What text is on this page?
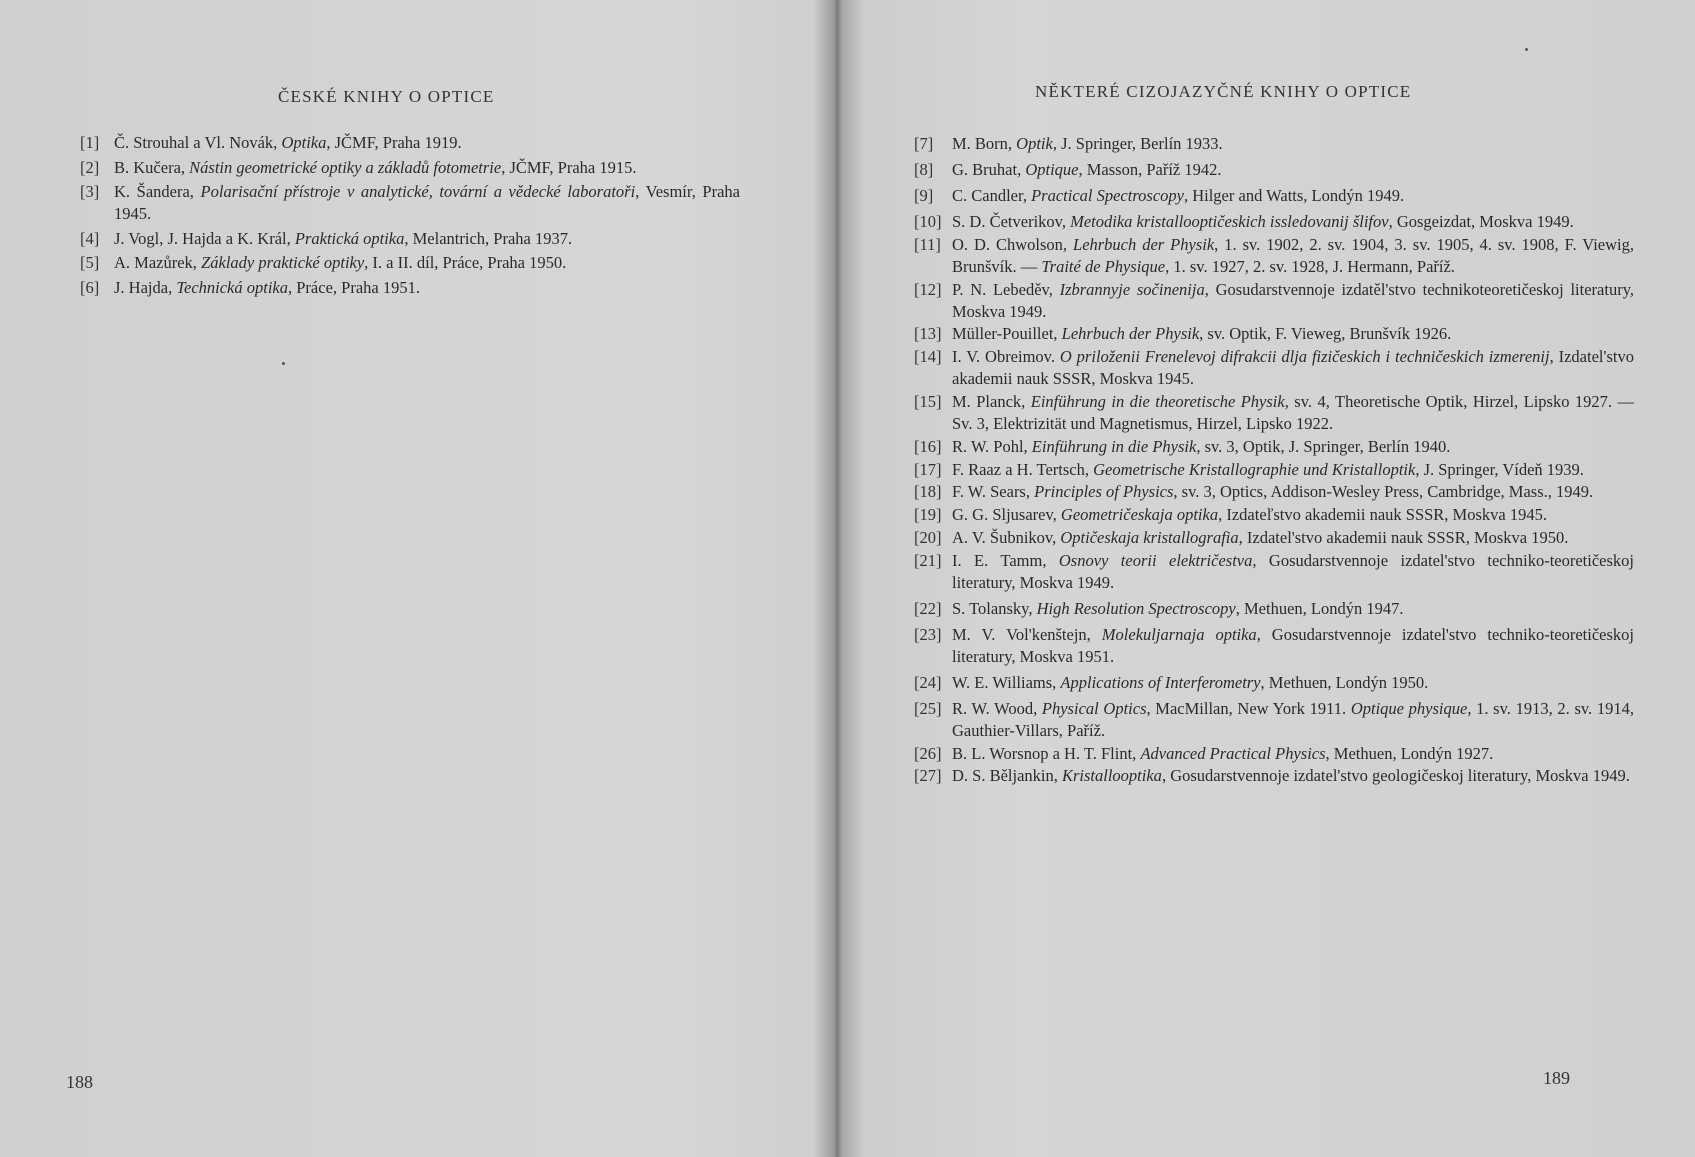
ČESKÉ KNIHY O OPTICE
[1] Č. Strouhal a Vl. Novák, Optika, JČMF, Praha 1919.
[2] B. Kučera, Nástin geometrické optiky a základů fotometrie, JČMF, Praha 1915.
[3] K. Šandera, Polarisační přístroje v analytické, tovární a vědecké laboratoři, Vesmír, Praha 1945.
[4] J. Vogl, J. Hajda a K. Král, Praktická optika, Melantrich, Praha 1937.
[5] A. Mazůrek, Základy praktické optiky, I. a II. díl, Práce, Praha 1950.
[6] J. Hajda, Technická optika, Práce, Praha 1951.
188
NĚKTERÉ CIZOJAZYČNÉ KNIHY O OPTICE
[7]	M. Born, Optik, J. Springer, Berlín 1933.
[8]	G. Bruhat, Optique, Masson, Paříž 1942.
[9]	C. Candler, Practical Spectroscopy, Hilger and Watts, Londýn 1949.
[10] S. D. Četverikov, Metodika kristallooptičeskich issledovanij šlifov, Gosgeizdat, Moskva 1949.
[11] O. D. Chwolson, Lehrbuch der Physik, 1. sv. 1902, 2. sv. 1904, 3. sv. 1905, 4. sv. 1908, F. Viewig, Brunšvík. — Traité de Physique, 1. sv. 1927, 2. sv. 1928, J. Hermann, Paříž.
[12] P. N. Lebeděv, Izbrannyje sočinenija, Gosudarstvennoje izdatěl'stvo technikoteoretičeskoj literatury, Moskva 1949.
[13] Müller-Pouillet, Lehrbuch der Physik, sv. Optik, F. Vieweg, Brunšvík 1926.
[14] I. V. Obreimov. O priloženii Frenelevoj difrakcii dlja fizičeskich i techničeskich izmerenij, Izdatel'stvo akademii nauk SSSR, Moskva 1945.
[15] M. Planck, Einführung in die theoretische Physik, sv. 4, Theoretische Optik, Hirzel, Lipsko 1927. — Sv. 3, Elektrizität und Magnetismus, Hirzel, Lipsko 1922.
[16] R. W. Pohl, Einführung in die Physik, sv. 3, Optik, J. Springer, Berlín 1940.
[17] F. Raaz a H. Tertsch, Geometrische Kristallographie und Kristalloptik, J. Springer, Vídeň 1939.
[18] F. W. Sears, Principles of Physics, sv. 3, Optics, Addison-Wesley Press, Cambridge, Mass., 1949.
[19] G. G. Sljusarev, Geometričeskaja optika, Izdateľstvo akademii nauk SSSR, Moskva 1945.
[20] A. V. Šubnikov, Optičeskaja kristallografia, Izdatel'stvo akademii nauk SSSR, Moskva 1950.
[21] I. E. Tamm, Osnovy teorii električestva, Gosudarstvennoje izdatel'stvo techniko-teoretičeskoj literatury, Moskva 1949.
[22] S. Tolansky, High Resolution Spectroscopy, Methuen, Londýn 1947.
[23] M. V. Vol'kenštejn, Molekuljarnaja optika, Gosudarstvennoje izdatel'stvo techniko-teoretičeskoj literatury, Moskva 1951.
[24] W. E. Williams, Applications of Interferometry, Methuen, Londýn 1950.
[25] R. W. Wood, Physical Optics, MacMillan, New York 1911. Optique physique, 1. sv. 1913, 2. sv. 1914, Gauthier-Villars, Paříž.
[26] B. L. Worsnop a H. T. Flint, Advanced Practical Physics, Methuen, Londýn 1927.
[27] D. S. Běljankin, Kristallooptika, Gosudarstvennoje izdatel'stvo geologičeskoj literatury, Moskva 1949.
189
